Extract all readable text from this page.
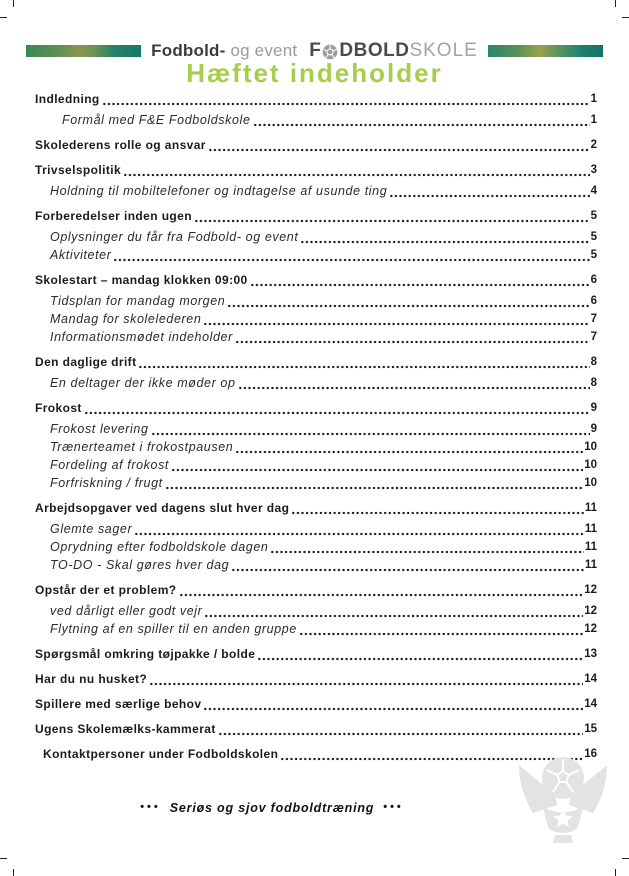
Fodbold- og event F DBOLD SKOLE
Hæftet indeholder
Indledning	1
Formål med F&E Fodboldskole	1
Skolederens rolle og ansvar	2
Trivselspolitik	3
Holdning til mobiltelefoner og indtagelse af usunde ting	4
Forberedelser inden ugen	5
Oplysninger du får fra Fodbold- og event	5
Aktiviteter	5
Skolestart – mandag klokken 09:00	6
Tidsplan for mandag morgen	6
Mandag for skolelederen	7
Informationsmødet indeholder	7
Den daglige drift	8
En deltager der ikke møder op	8
Frokost	9
Frokost levering	9
Trænerteamet i frokostpausen	10
Fordeling af frokost	10
Forfriskning / frugt	10
Arbejdsopgaver ved dagens slut hver dag	11
Glemte sager	11
Oprydning efter fodboldskole dagen	11
TO-DO - Skal gøres hver dag	11
Opstår der et problem?	12
ved dårligt eller godt vejr	12
Flytning af en spiller til en anden gruppe	12
Spørgsmål omkring tøjpakke / bolde	13
Har du nu husket?	14
Spillere med særlige behov	14
Ugens Skolemælks-kammerat	15
Kontaktpersoner under Fodboldskolen	16
••• Seriøs og sjov fodboldtræning •••
